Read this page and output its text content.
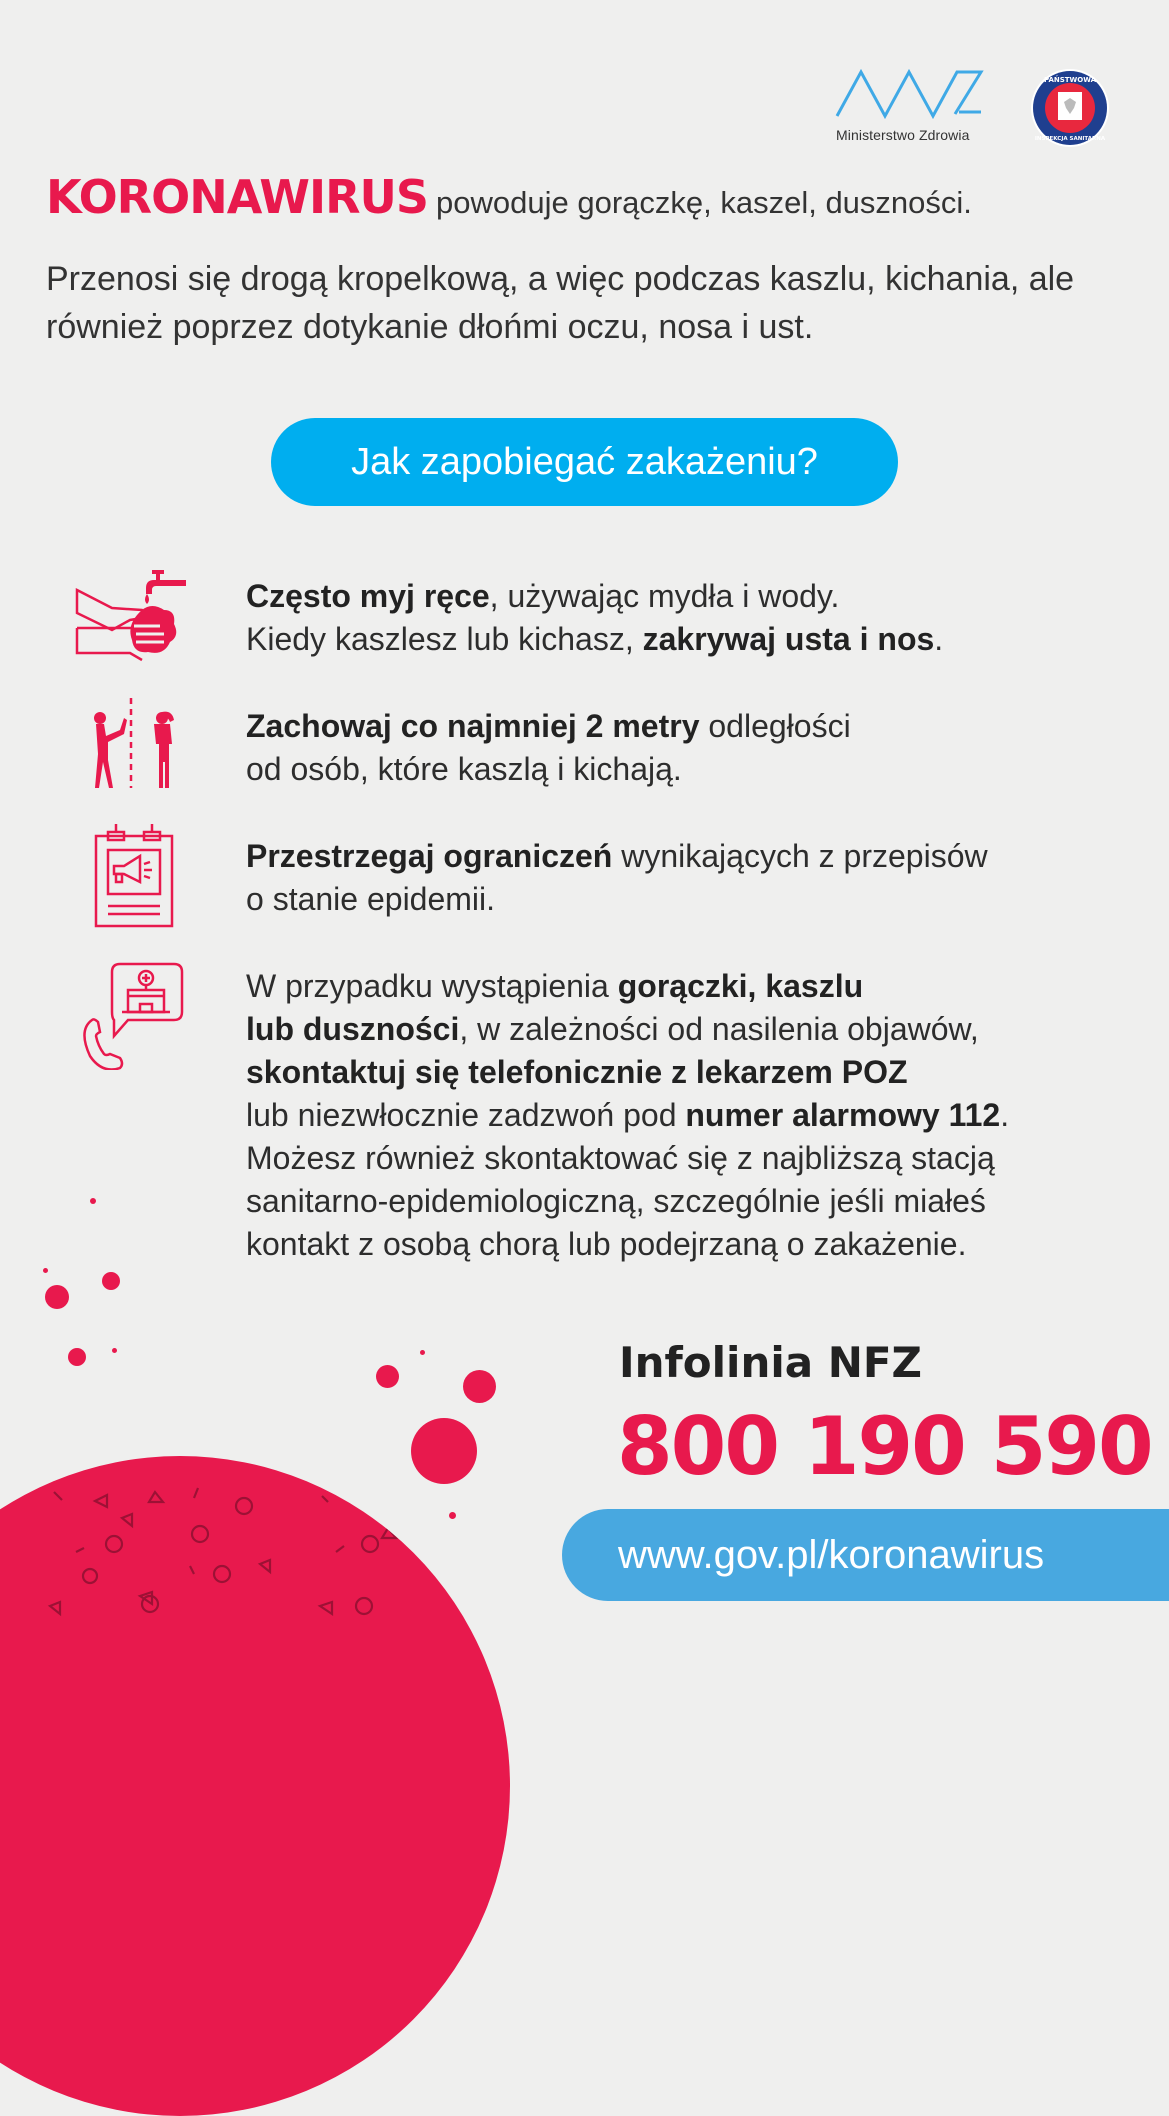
Ministerstwo Zdrowia
PAŃSTWOWA
INSPEKCJA SANITARNA
KORONAWIRUS powoduje gorączkę, kaszel, duszności.
Przenosi się drogą kropelkową, a więc podczas kaszlu, kichania, ale również poprzez dotykanie dłońmi oczu, nosa i ust.
Jak zapobiegać zakażeniu?
Często myj ręce, używając mydła i wody.
Kiedy kaszlesz lub kichasz, zakrywaj usta i nos.
Zachowaj co najmniej 2 metry odległości
od osób, które kaszlą i kichają.
Przestrzegaj ograniczeń wynikających z przepisów
o stanie epidemii.
W przypadku wystąpienia gorączki, kaszlu
lub duszności, w zależności od nasilenia objawów,
skontaktuj się telefonicznie z lekarzem POZ
lub niezwłocznie zadzwoń pod numer alarmowy 112.
Możesz również skontaktować się z najbliższą stacją
sanitarno-epidemiologiczną, szczególnie jeśli miałeś
kontakt z osobą chorą lub podejrzaną o zakażenie.
Infolinia NFZ
800 190 590
www.gov.pl/koronawirus
